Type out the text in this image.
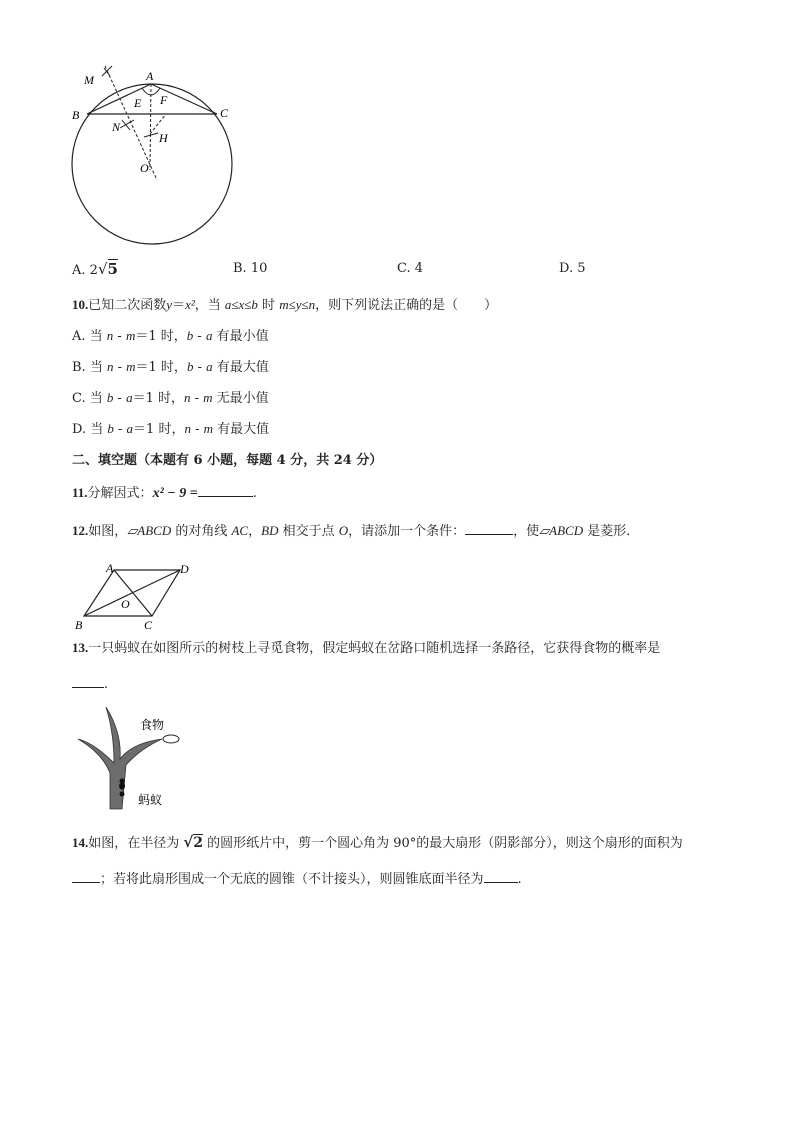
M	A
E F
B	C
N
H
O
A. 2√5	B. 10	C. 4	D. 5
10.已知二次函数y＝x²，当 a≤x≤b 时 m≤y≤n，则下列说法正确的是（　　）
A. 当 n - m＝1 时，b - a 有最小值
B. 当 n - m＝1 时，b - a 有最大值
C. 当 b - a＝1 时，n - m 无最小值
D. 当 b - a＝1 时，n - m 有最大值
二、填空题（本题有 6 小题，每题 4 分，共 24 分）
11.分解因式：x² − 9 =	.
12.如图，▱ABCD 的对角线 AC，BD 相交于点 O，请添加一个条件：	，使▱ABCD 是菱形．
A	D
O
B	C
13.一只蚂蚁在如图所示的树枝上寻觅食物，假定蚂蚁在岔路口随机选择一条路径，它获得食物的概率是
.
食物
蚂蚁
14.如图，在半径为 √2 的圆形纸片中，剪一个圆心角为 90°的最大扇形（阴影部分），则这个扇形的面积为
；若将此扇形围成一个无底的圆锥（不计接头），则圆锥底面半径为	.
